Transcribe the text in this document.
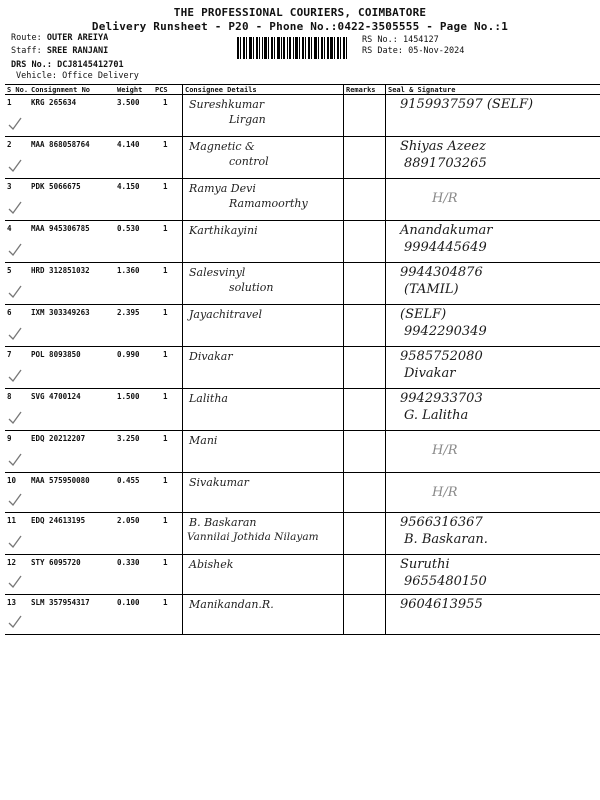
THE PROFESSIONAL COURIERS, COIMBATORE
Delivery Runsheet - P20 - Phone No.:0422-3505555 - Page No.:1
Route: OUTER AREIYA
Staff: SREE RANJANI
DRS No.: DCJ8145412701
Vehicle: Office Delivery
RS No.: 1454127
RS Date: 05-Nov-2024
S No.	Consignment No	Weight	PCS	Consignee Details	Remarks	Seal & Signature
1	KRG 265634	3.500	1	Sureshkumar
Lirgan		9159937597 (SELF)

2	MAA 868058764	4.140	1	Magnetic &
control		Shiyas Azeez
8891703265

3	PDK 5066675	4.150	1	Ramya Devi
Ramamoorthy		H/R

4	MAA 945306785	0.530	1	Karthikayini		Anandakumar
9994445649

5	HRD 312851032	1.360	1	Salesvinyl
solution		9944304876
(TAMIL)

6	IXM 303349263	2.395	1	Jayachitravel		(SELF)
9942290349

7	POL 8093850	0.990	1	Divakar		9585752080
Divakar

8	SVG 4700124	1.500	1	Lalitha		9942933703
G. Lalitha

9	EDQ 20212207	3.250	1	Mani		H/R

10	MAA 575950080	0.455	1	Sivakumar		H/R

11	EDQ 24613195	2.050	1	B. Baskaran
Vannilai Jothida Nilayam		9566316367
B. Baskaran.

12	STY 6095720	0.330	1	Abishek		Suruthi
9655480150

13	SLM 357954317	0.100	1	Manikandan.R.		9604613955
